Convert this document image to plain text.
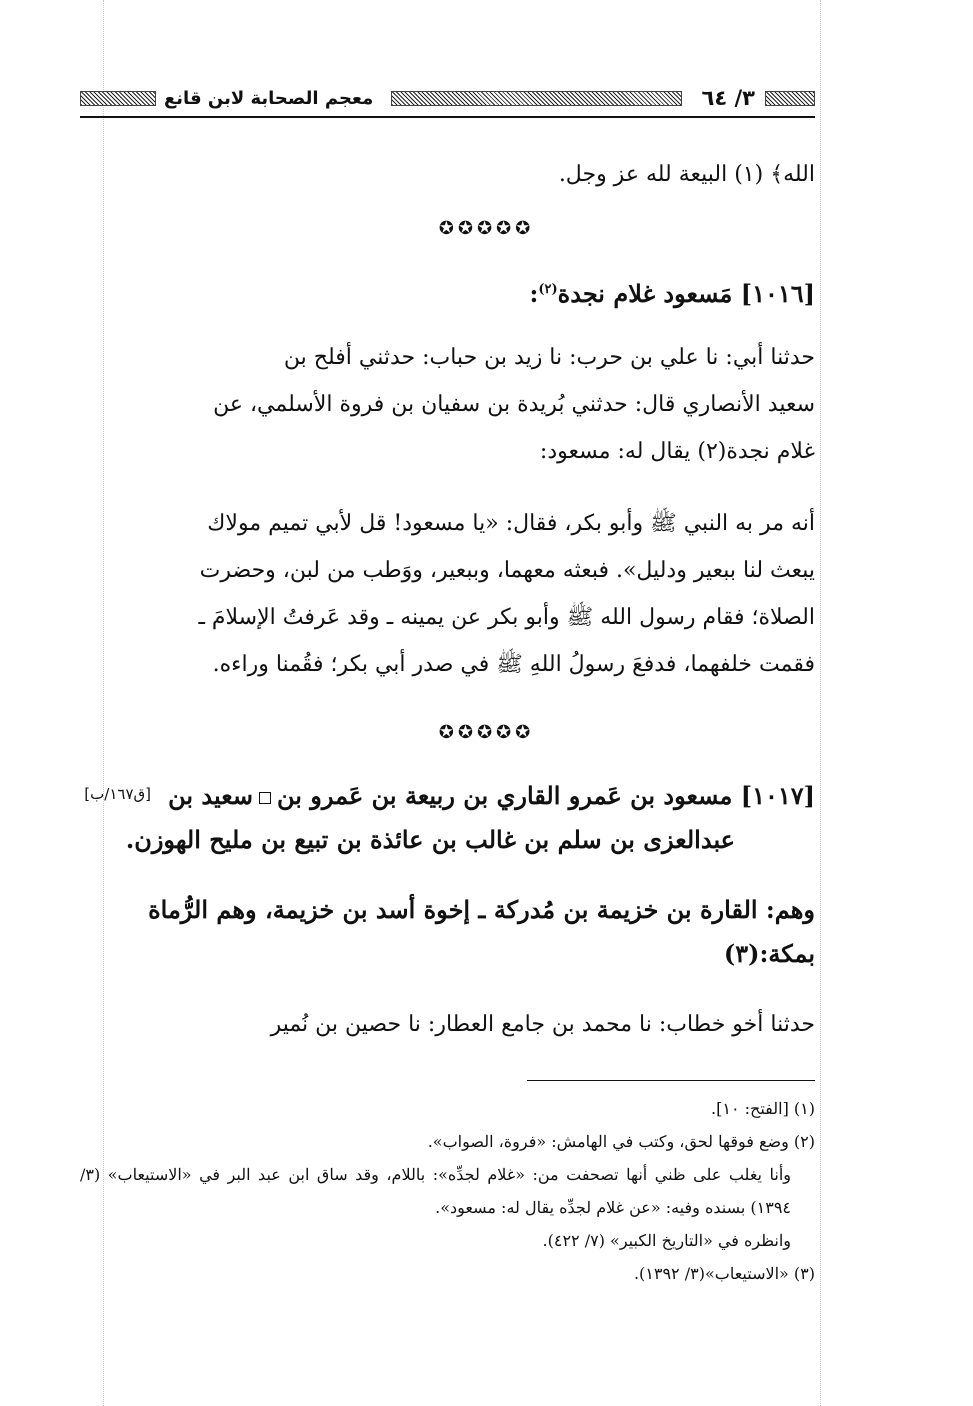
٣/ ٦٤
معجم الصحابة لابن قانع
الله﴾ (١) البيعة لله عز وجل.
✪✪✪✪✪
[١٠١٦] مَسعود غلام نجدة$^{(٢)}$:
حدثنا أبي: نا علي بن حرب: نا زيد بن حباب: حدثني أفلح بن
سعيد الأنصاري قال: حدثني بُريدة بن سفيان بن فروة الأسلمي، عن
غلام نجدة(٢) يقال له: مسعود:
أنه مر به النبي ﷺ وأبو بكر، فقال: «يا مسعود! قل لأبي تميم مولاك
يبعث لنا ببعير ودليل». فبعثه معهما، وببعير، ووَطب من لبن، وحضرت
الصلاة؛ فقام رسول الله ﷺ وأبو بكر عن يمينه ـ وقد عَرفتُ الإسلامَ ـ
فقمت خلفهما، فدفعَ رسولُ اللهِ ﷺ في صدر أبي بكر؛ فقُمنا وراءه.
✪✪✪✪✪
[ق١٦٧/ب]	[١٠١٧] مسعود بن عَمرو القاري بن ربيعة بن عَمرو بنسعيد بن
عبدالعزى بن سلم بن غالب بن عائذة بن تبيع بن مليح الهوزن.
وهم: القارة بن خزيمة بن مُدركة ـ إخوة أسد بن خزيمة، وهم الرُّماة
بمكة:(٣)
حدثنا أخو خطاب: نا محمد بن جامع العطار: نا حصين بن نُمير
(١) [الفتح: ١٠].
(٢) وضع فوقها لحق، وكتب في الهامش: «فروة، الصواب».
وأنا يغلب على ظني أنها تصحفت من: «غلام لجدِّه»: باللام، وقد ساق ابن عبد البر في «الاستيعاب» (٣/ ١٣٩٤) بسنده وفيه: «عن غلام لجدِّه يقال له: مسعود».
وانظره في «التاريخ الكبير» (٧/ ٤٢٢).
(٣) «الاستيعاب»(٣/ ١٣٩٢).
